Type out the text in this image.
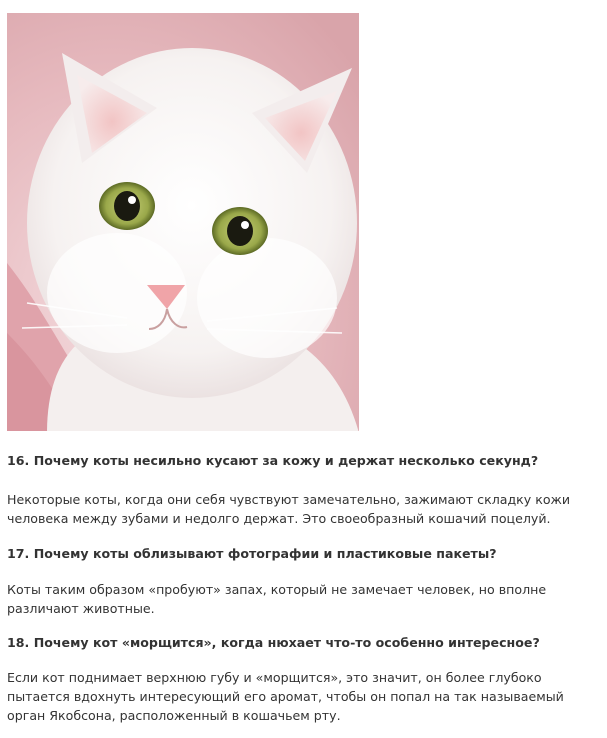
16. Почему коты несильно кусают за кожу и держат несколько секунд?

Некоторые коты, когда они себя чувствуют замечательно, зажимают складку кожи человека между зубами и недолго держат. Это своеобразный кошачий поцелуй.

17. Почему коты облизывают фотографии и пластиковые пакеты?

Коты таким образом «пробуют» запах, который не замечает человек, но вполне различают животные.

18. Почему кот «морщится», когда нюхает что-то особенно интересное?

Если кот поднимает верхнюю губу и «морщится», это значит, он более глубоко пытается вдохнуть интересующий его аромат, чтобы он попал на так называемый орган Якобсона, расположенный в кошачьем рту.
